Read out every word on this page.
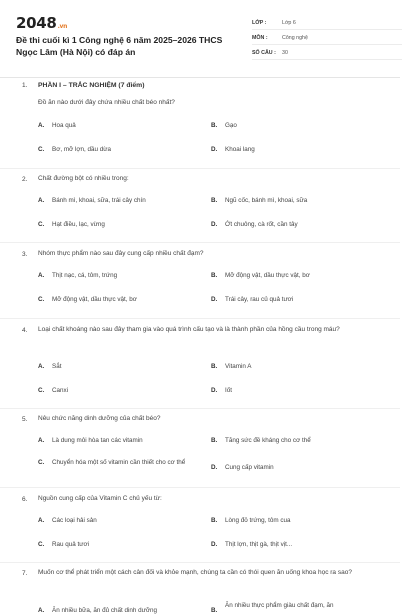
2048.vn
Đề thi cuối kì 1 Công nghệ 6 năm 2025–2026 THCS Ngọc Lâm (Hà Nội) có đáp án
LỚP :	Lớp 6
MÔN :	Công nghệ
SỐ CÂU :	30
1. PHẦN I – TRẮC NGHIỆM (7 điểm)
Đồ ăn nào dưới đây chứa nhiều chất béo nhất?
A.	Hoa quả	B.	Gạo
C.	Bơ, mỡ lợn, dầu dừa	D.	Khoai lang
2. Chất đường bột có nhiều trong:
A.	Bánh mì, khoai, sữa, trái cây chín	B.	Ngũ cốc, bánh mì, khoai, sữa
C.	Hạt điều, lạc, vừng	D.	Ớt chuông, cà rốt, cần tây
3. Nhóm thực phẩm nào sau đây cung cấp nhiều chất đạm?
A.	Thịt nạc, cá, tôm, trứng	B.	Mỡ động vật, dầu thực vật, bơ
C.	Mỡ động vật, dầu thực vật, bơ	D.	Trái cây, rau củ quả tươi
4. Loại chất khoáng nào sau đây tham gia vào quá trình cấu tạo và là thành phần của hồng cầu trong máu?
A.	Sắt	B.	Vitamin A
C.	Canxi	D.	Iốt
5. Nêu chức năng dinh dưỡng của chất béo?
A.	Là dung môi hòa tan các vitamin	B.	Tăng sức đề kháng cho cơ thể
C.	Chuyển hóa một số vitamin cần thiết cho cơ thể
D.	Cung cấp vitamin
6. Nguồn cung cấp của Vitamin C chủ yếu từ:
A.	Các loại hải sản	B.	Lòng đỏ trứng, tôm cua
C.	Rau quả tươi	D.	Thịt lợn, thịt gà, thịt vịt...
7. Muốn cơ thể phát triển một cách cân đối và khỏe mạnh, chúng ta cần có thói quen ăn uống khoa học ra sao?
A.	Ăn nhiều bữa, ăn đủ chất dinh dưỡng	B.
Ăn nhiều thực phẩm giàu chất đạm, ăn
